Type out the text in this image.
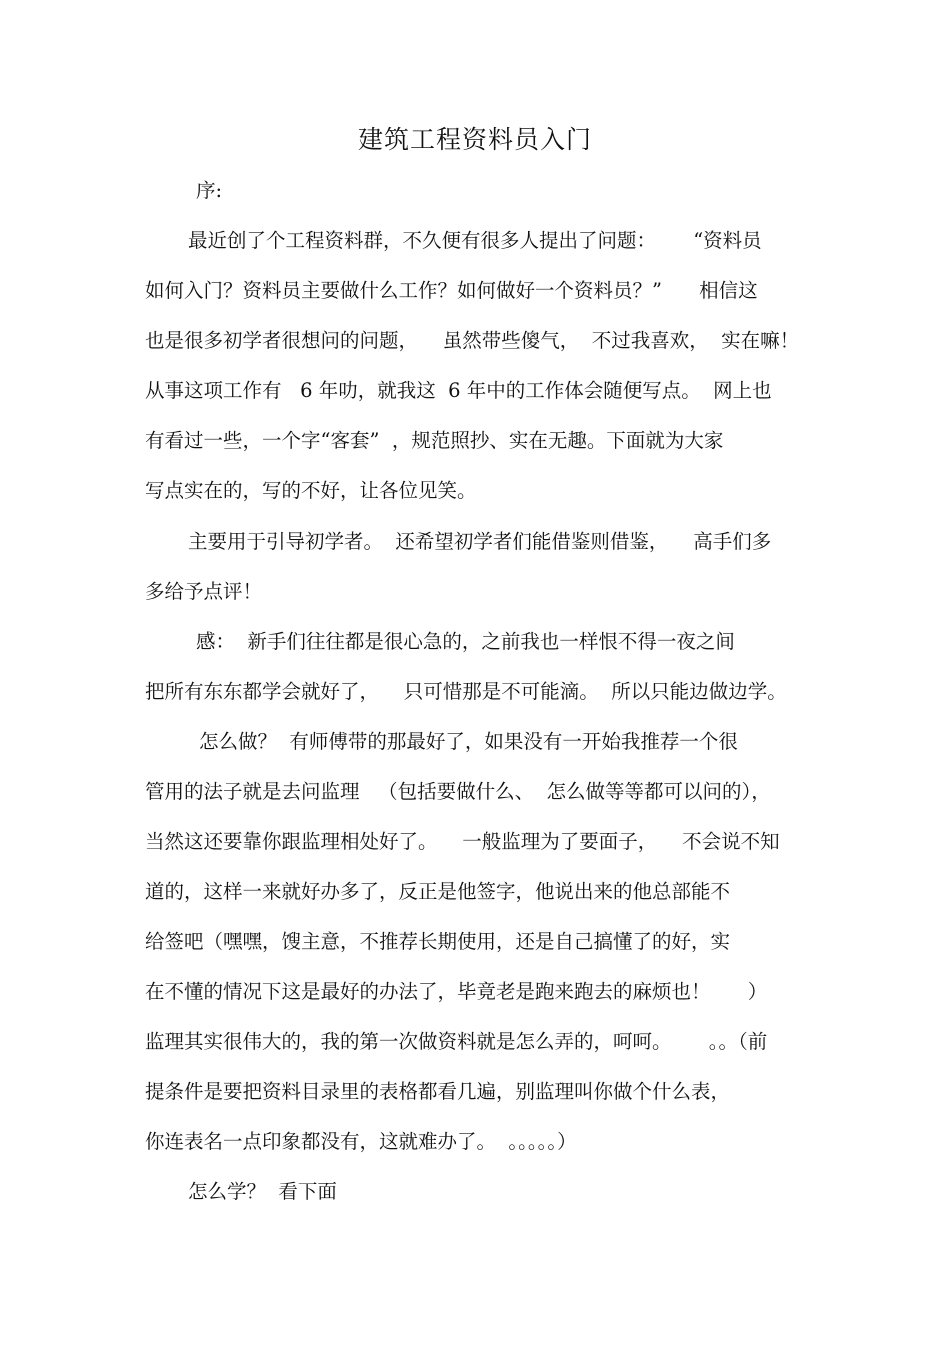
建筑工程资料员入门
序:
最近创了个工程资料群，不久便有很多人提出了问题：      “资料员
如何入门？资料员主要做什么工作？如何做好一个资料员？”      相信这
也是很多初学者很想问的问题，    虽然带些傻气，  不过我喜欢，  实在嘛！
从事这项工作有   6 年叻，就我这  6 年中的工作体会随便写点。  网上也
有看过一些，一个字“客套”  ，规范照抄、实在无趣。下面就为大家
写点实在的，写的不好，让各位见笑。
主要用于引导初学者。  还希望初学者们能借鉴则借鉴，    高手们多
多给予点评！
感：  新手们往往都是很心急的，之前我也一样恨不得一夜之间
把所有东东都学会就好了，    只可惜那是不可能滴。  所以只能边做边学。
怎么做？  有师傅带的那最好了，如果没有一开始我推荐一个很
管用的法子就是去问监理   （包括要做什么、  怎么做等等都可以问的），
当然这还要靠你跟监理相处好了。    一般监理为了要面子，    不会说不知
道的，这样一来就好办多了，反正是他签字，他说出来的他总部能不
给签吧（嘿嘿，馊主意，不推荐长期使用，还是自己搞懂了的好，实
在不懂的情况下这是最好的办法了，毕竟老是跑来跑去的麻烦也！      ）
监理其实很伟大的，我的第一次做资料就是怎么弄的，呵呵。      。。（前
提条件是要把资料目录里的表格都看几遍，别监理叫你做个什么表，
你连表名一点印象都没有，这就难办了。  。。。。。）
怎么学？  看下面
